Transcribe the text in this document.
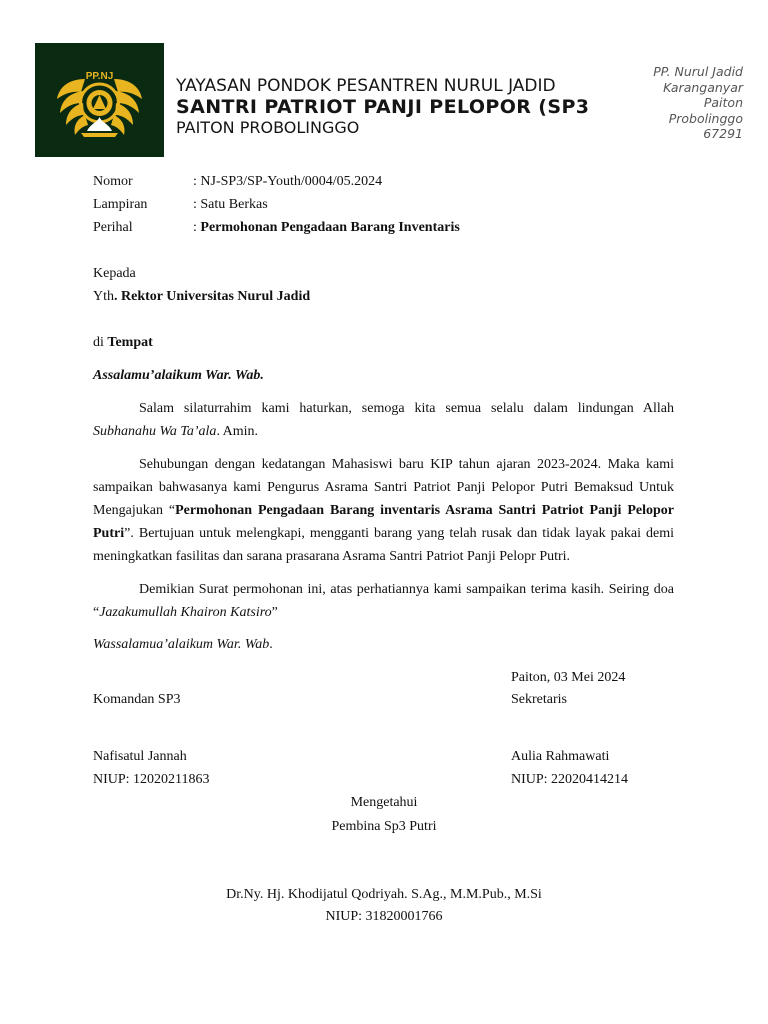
PP.NJ	YAYASAN PONDOK PESANTREN NURUL JADID
SANTRI PATRIOT PANJI PELOPOR (SP3
PAITON PROBOLINGGO
PP. Nurul Jadid
Karanganyar
Paiton
Probolinggo
67291
Nomor	: NJ-SP3/SP-Youth/0004/05.2024
Lampiran	: Satu Berkas
Perihal	: Permohonan Pengadaan Barang Inventaris
Kepada
Yth. Rektor Universitas Nurul Jadid
di Tempat
Assalamu’alaikum War. Wab.
Salam silaturrahim kami haturkan, semoga kita semua selalu dalam lindungan Allah Subhanahu Wa Ta’ala. Amin.
Sehubungan dengan kedatangan Mahasiswi baru KIP tahun ajaran 2023-2024. Maka kami sampaikan bahwasanya kami Pengurus Asrama Santri Patriot Panji Pelopor Putri Bemaksud Untuk Mengajukan “Permohonan Pengadaan Barang inventaris Asrama Santri Patriot Panji Pelopor Putri”. Bertujuan untuk melengkapi, mengganti barang yang telah rusak dan tidak layak pakai demi meningkatkan fasilitas dan sarana prasarana Asrama Santri Patriot Panji Pelopr Putri.
Demikian Surat permohonan ini, atas perhatiannya kami sampaikan terima kasih. Seiring doa “Jazakumullah Khairon Katsiro”
Wassalamua’alaikum War. Wab.
Paiton, 03 Mei 2024
Komandan SP3	Sekretaris
Nafisatul Jannah	Aulia Rahmawati
NIUP: 12020211863	NIUP: 22020414214
Mengetahui
Pembina Sp3 Putri
Dr.Ny. Hj. Khodijatul Qodriyah. S.Ag., M.M.Pub., M.Si
NIUP: 31820001766
